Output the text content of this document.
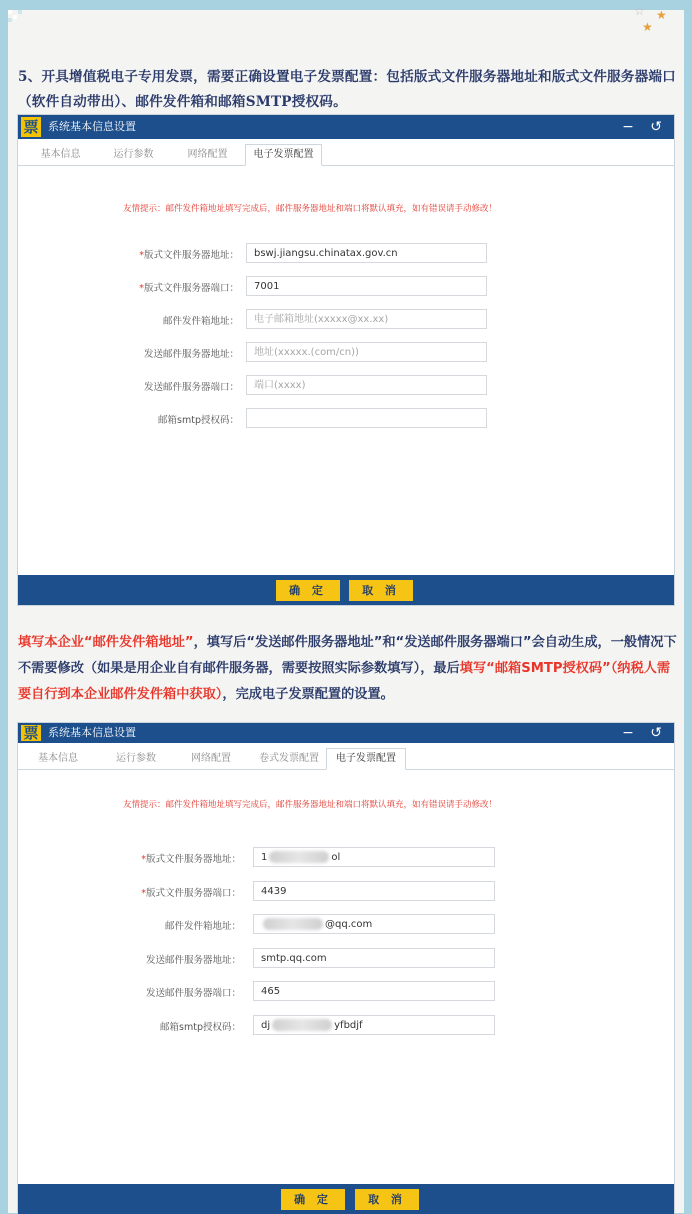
☆ ★
★
5、开具增值税电子专用发票，需要正确设置电子发票配置：包括版式文件服务器地址和版式文件服务器端口（软件自动带出）、邮件发件箱和邮箱SMTP授权码。
票 系统基本信息设置	− ↺
基本信息	运行参数	网络配置	电子发票配置
友情提示：邮件发件箱地址填写完成后，邮件服务器地址和端口将默认填充，如有错误请手动修改！
*版式文件服务器地址：	bswj.jiangsu.chinatax.gov.cn
*版式文件服务器端口：	7001
邮件发件箱地址：	电子邮箱地址(xxxxx@xx.xx)
发送邮件服务器地址：	地址(xxxxx.(com/cn))
发送邮件服务器端口：	端口(xxxx)
邮箱smtp授权码：
确 定	取 消
填写本企业“邮件发件箱地址”，填写后“发送邮件服务器地址”和“发送邮件服务器端口”会自动生成，一般情况下不需要修改（如果是用企业自有邮件服务器，需要按照实际参数填写），最后填写“邮箱SMTP授权码”（纳税人需要自行到本企业邮件发件箱中获取），完成电子发票配置的设置。
票 系统基本信息设置	− ↺
基本信息	运行参数	网络配置	卷式发票配置	电子发票配置
友情提示：邮件发件箱地址填写完成后，邮件服务器地址和端口将默认填充，如有错误请手动修改！
*版式文件服务器地址：	1	ol
*版式文件服务器端口：	4439
邮件发件箱地址：	@qq.com
发送邮件服务器地址：	smtp.qq.com
发送邮件服务器端口：	465
邮箱smtp授权码：	dj	yfbdjf
确 定	取 消
